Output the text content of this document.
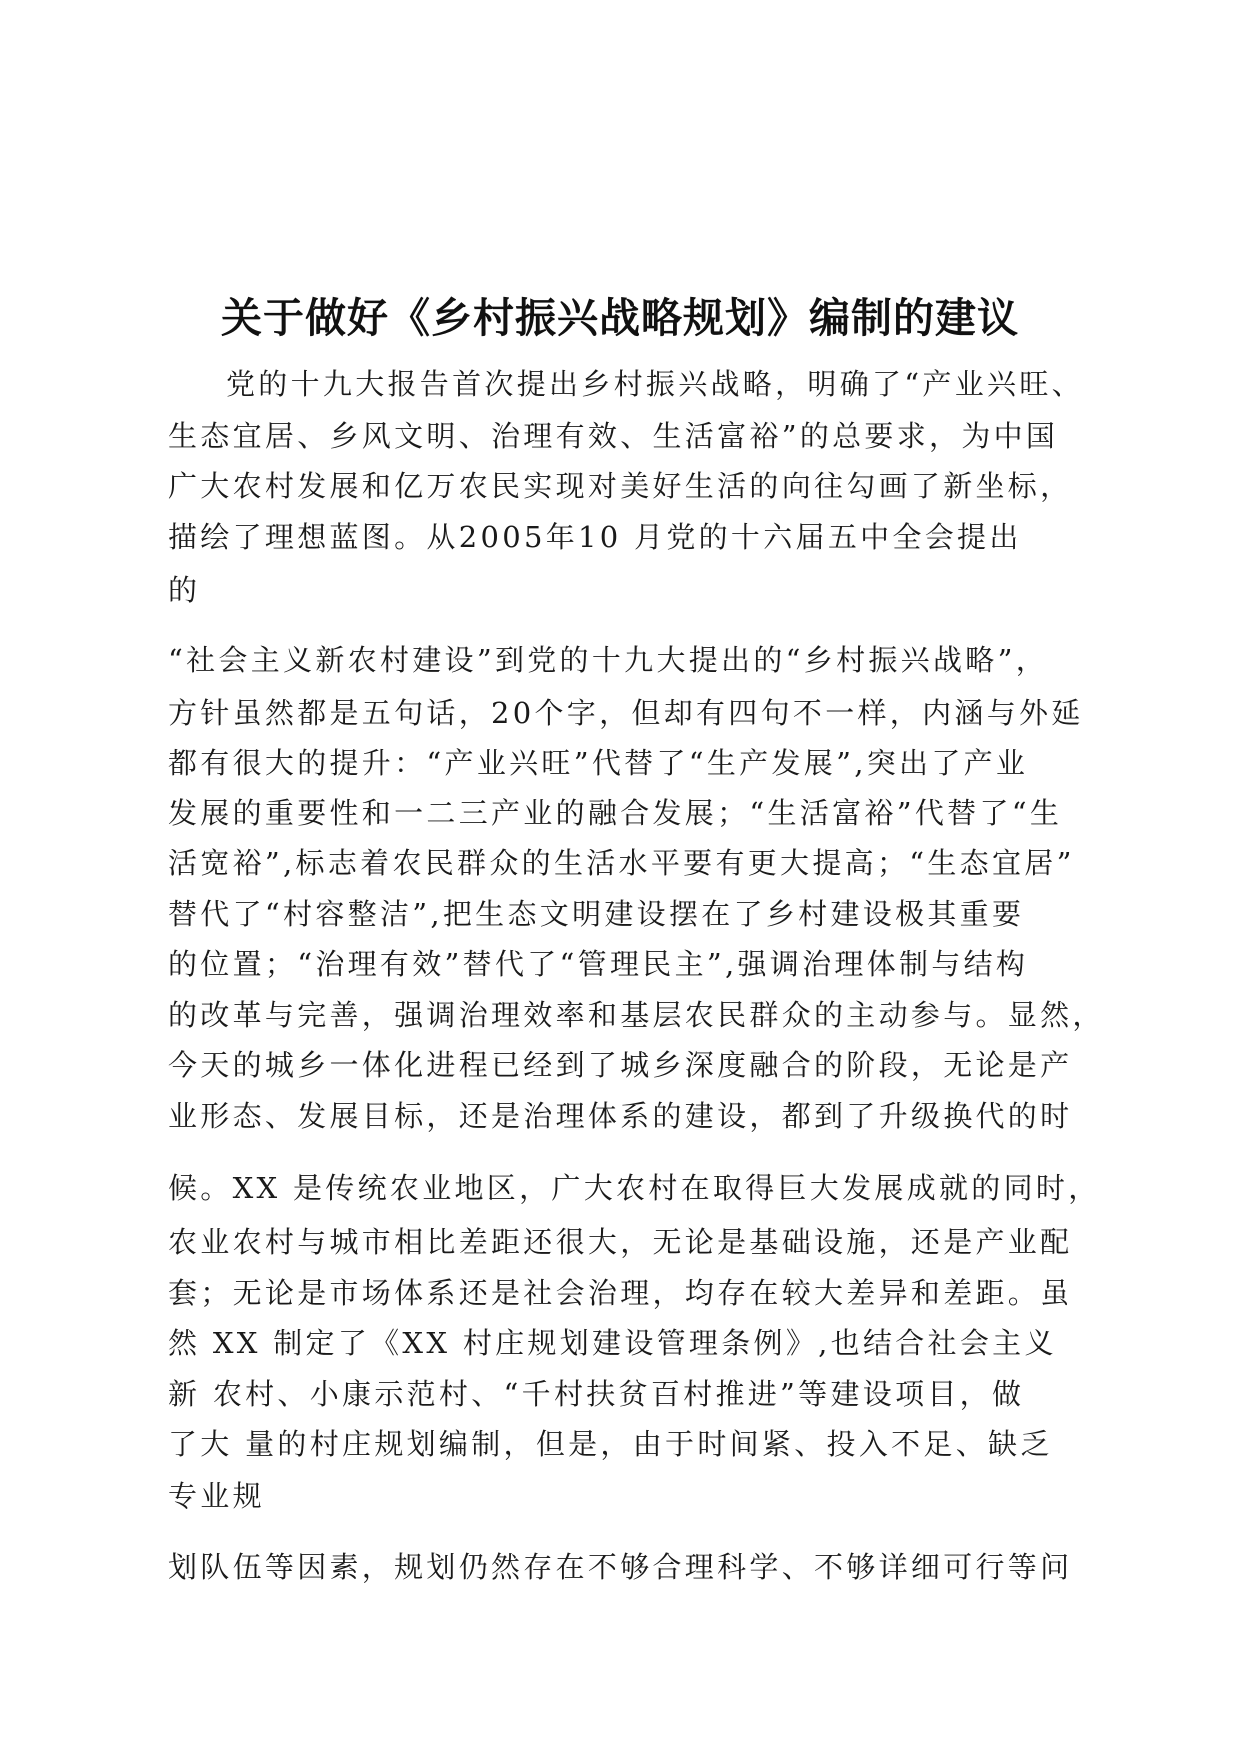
关于做好《乡村振兴战略规划》编制的建议
党的十九大报告首次提出乡村振兴战略，明确了“产业兴旺、
生态宜居、乡风文明、治理有效、生活富裕”的总要求，为中国
广大农村发展和亿万农民实现对美好生活的向往勾画了新坐标，
描绘了理想蓝图。从2005年10 月党的十六届五中全会提出
的
“社会主义新农村建设”到党的十九大提出的“乡村振兴战略”，
方针虽然都是五句话，20个字，但却有四句不一样，内涵与外延
都有很大的提升：“产业兴旺”代替了“生产发展”,突出了产业
发展的重要性和一二三产业的融合发展；“生活富裕”代替了“生
活宽裕”,标志着农民群众的生活水平要有更大提高；“生态宜居”
替代了“村容整洁”,把生态文明建设摆在了乡村建设极其重要
的位置；“治理有效”替代了“管理民主”,强调治理体制与结构
的改革与完善，强调治理效率和基层农民群众的主动参与。显然，
今天的城乡一体化进程已经到了城乡深度融合的阶段，无论是产
业形态、发展目标，还是治理体系的建设，都到了升级换代的时
候。XX 是传统农业地区，广大农村在取得巨大发展成就的同时，
农业农村与城市相比差距还很大，无论是基础设施，还是产业配
套；无论是市场体系还是社会治理，均存在较大差异和差距。虽
然 XX 制定了《XX 村庄规划建设管理条例》,也结合社会主义
新 农村、小康示范村、“千村扶贫百村推进”等建设项目，做
了大 量的村庄规划编制，但是，由于时间紧、投入不足、缺乏
专业规
划队伍等因素，规划仍然存在不够合理科学、不够详细可行等问
